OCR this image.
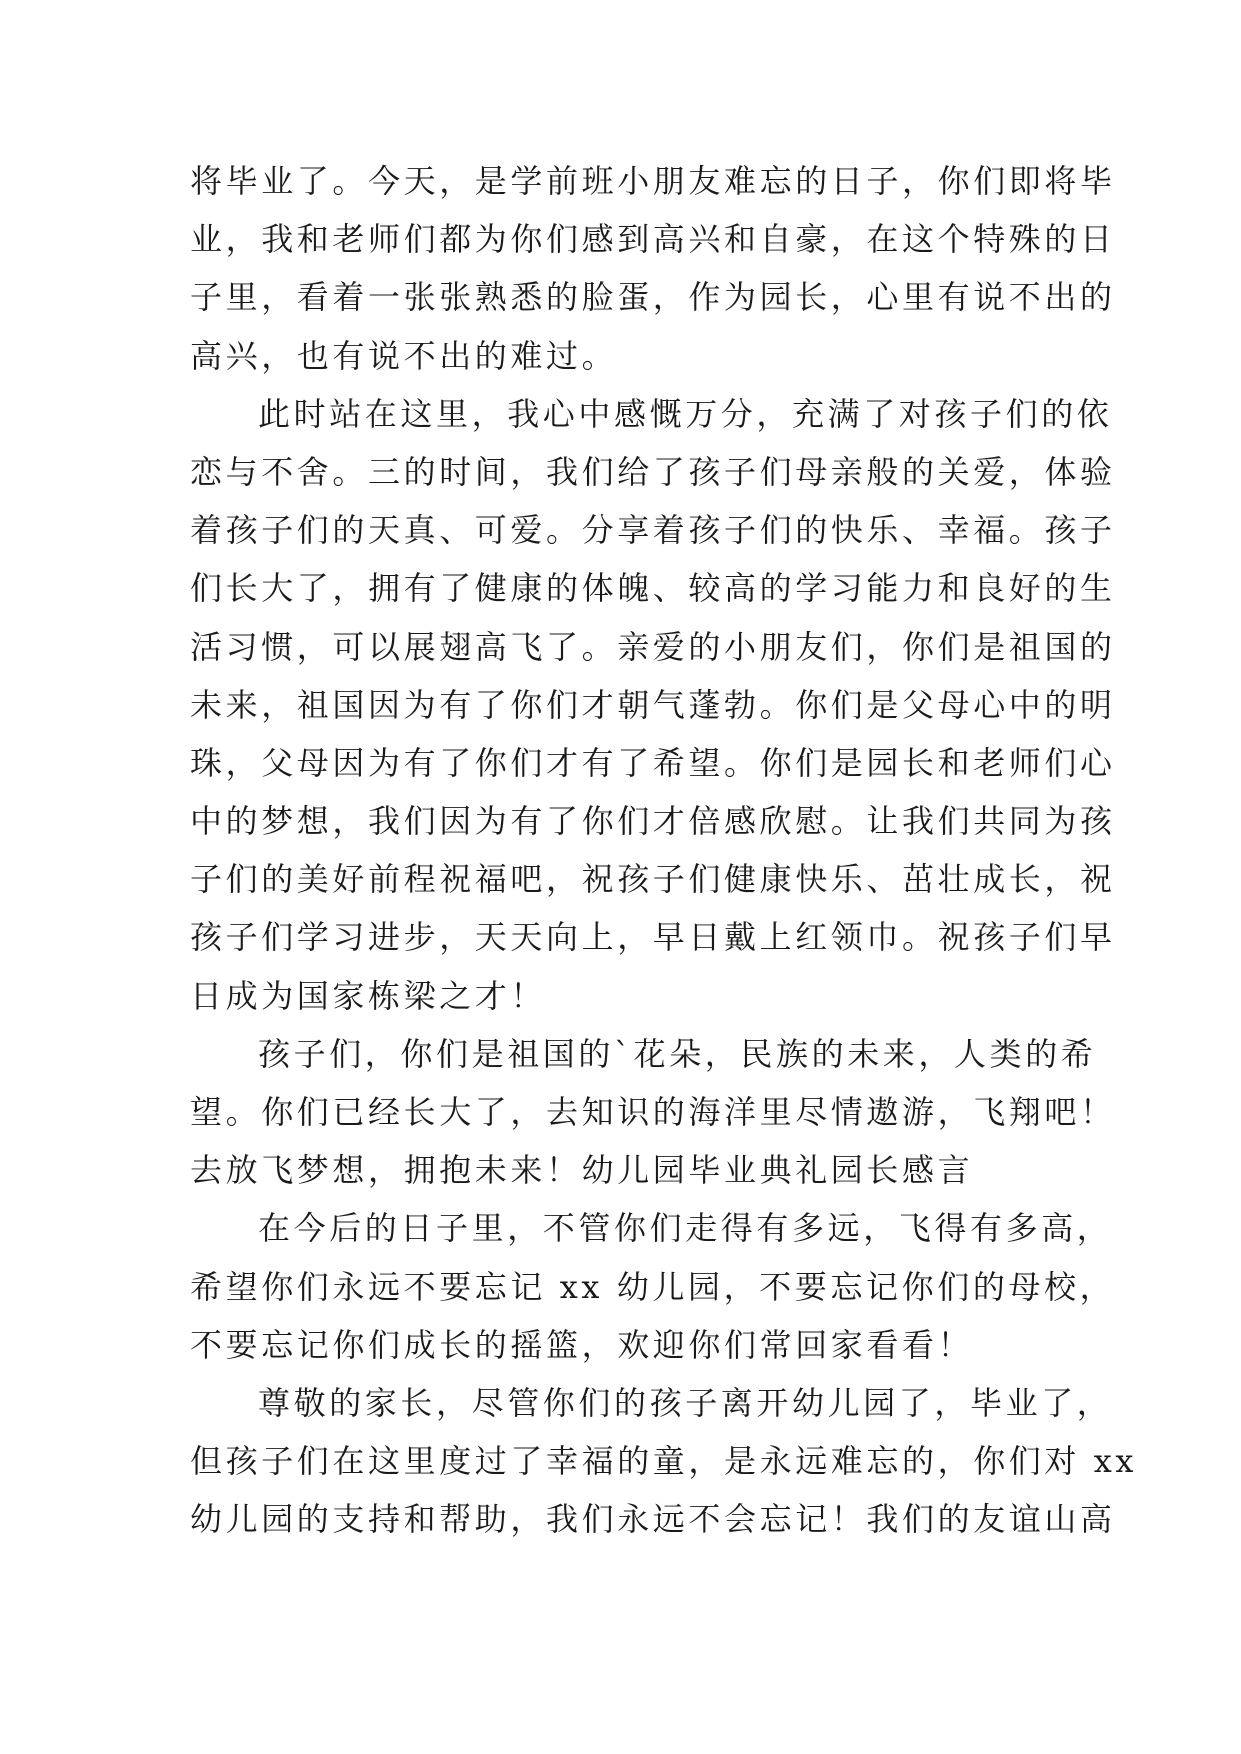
将毕业了。今天，是学前班小朋友难忘的日子，你们即将毕
业，我和老师们都为你们感到高兴和自豪，在这个特殊的日
子里，看着一张张熟悉的脸蛋，作为园长，心里有说不出的
高兴，也有说不出的难过。
此时站在这里，我心中感慨万分，充满了对孩子们的依
恋与不舍。三的时间，我们给了孩子们母亲般的关爱，体验
着孩子们的天真、可爱。分享着孩子们的快乐、幸福。孩子
们长大了，拥有了健康的体魄、较高的学习能力和良好的生
活习惯，可以展翅高飞了。亲爱的小朋友们，你们是祖国的
未来，祖国因为有了你们才朝气蓬勃。你们是父母心中的明
珠，父母因为有了你们才有了希望。你们是园长和老师们心
中的梦想，我们因为有了你们才倍感欣慰。让我们共同为孩
子们的美好前程祝福吧，祝孩子们健康快乐、茁壮成长，祝
孩子们学习进步，天天向上，早日戴上红领巾。祝孩子们早
日成为国家栋梁之才！
孩子们，你们是祖国的`花朵，民族的未来，人类的希
望。你们已经长大了，去知识的海洋里尽情遨游，飞翔吧！
去放飞梦想，拥抱未来！幼儿园毕业典礼园长感言
在今后的日子里，不管你们走得有多远，飞得有多高，
希望你们永远不要忘记 xx 幼儿园，不要忘记你们的母校，
不要忘记你们成长的摇篮，欢迎你们常回家看看！
尊敬的家长，尽管你们的孩子离开幼儿园了，毕业了，
但孩子们在这里度过了幸福的童，是永远难忘的，你们对 xx
幼儿园的支持和帮助，我们永远不会忘记！我们的友谊山高
